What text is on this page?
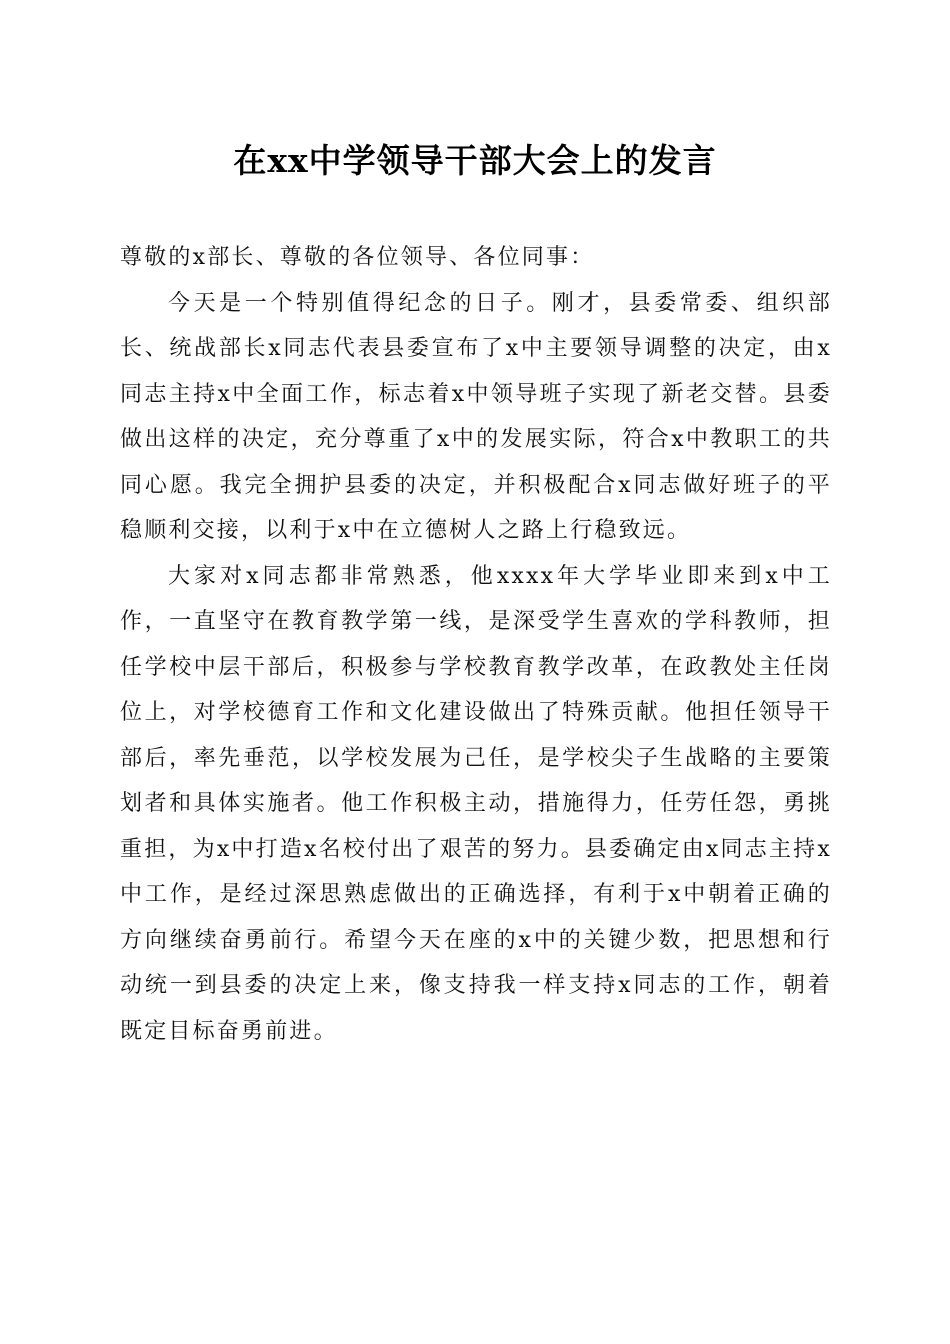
在xx中学领导干部大会上的发言

尊敬的x部长、尊敬的各位领导、各位同事：

今天是一个特别值得纪念的日子。刚才，县委常委、组织部长、统战部长x同志代表县委宣布了x中主要领导调整的决定，由x同志主持x中全面工作，标志着x中领导班子实现了新老交替。县委做出这样的决定，充分尊重了x中的发展实际，符合x中教职工的共同心愿。我完全拥护县委的决定，并积极配合x同志做好班子的平稳顺利交接，以利于x中在立德树人之路上行稳致远。

大家对x同志都非常熟悉，他xxxx年大学毕业即来到x中工作，一直坚守在教育教学第一线，是深受学生喜欢的学科教师，担任学校中层干部后，积极参与学校教育教学改革，在政教处主任岗位上，对学校德育工作和文化建设做出了特殊贡献。他担任领导干部后，率先垂范，以学校发展为己任，是学校尖子生战略的主要策划者和具体实施者。他工作积极主动，措施得力，任劳任怨，勇挑重担，为x中打造x名校付出了艰苦的努力。县委确定由x同志主持x中工作，是经过深思熟虑做出的正确选择，有利于x中朝着正确的方向继续奋勇前行。希望今天在座的x中的关键少数，把思想和行动统一到县委的决定上来，像支持我一样支持x同志的工作，朝着既定目标奋勇前进。
